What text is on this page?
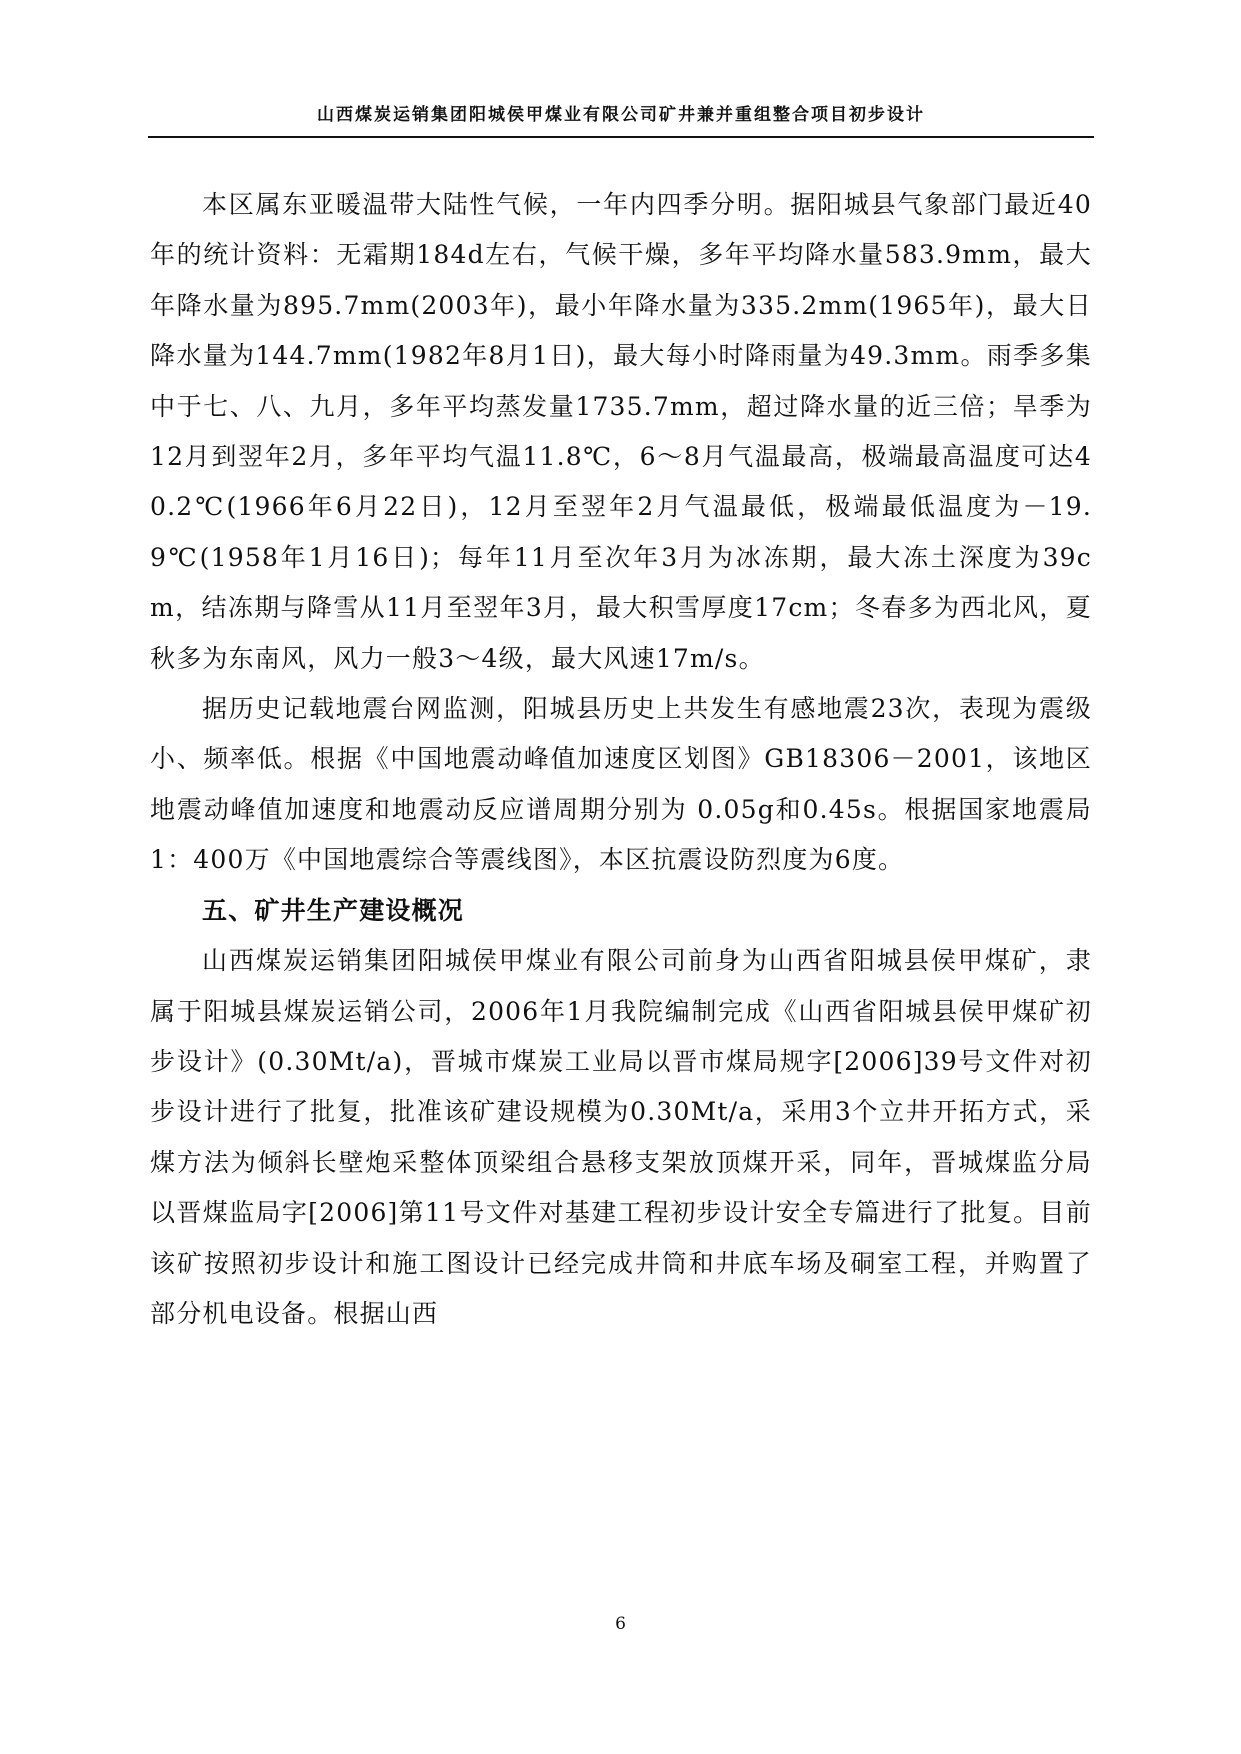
山西煤炭运销集团阳城侯甲煤业有限公司矿井兼并重组整合项目初步设计

本区属东亚暖温带大陆性气候，一年内四季分明。据阳城县气象部门最近40年的统计资料：无霜期184d左右，气候干燥，多年平均降水量583.9mm，最大年降水量为895.7mm(2003年)，最小年降水量为335.2mm(1965年)，最大日降水量为144.7mm(1982年8月1日)，最大每小时降雨量为49.3mm。雨季多集中于七、八、九月，多年平均蒸发量1735.7mm，超过降水量的近三倍；旱季为12月到翌年2月，多年平均气温11.8℃，6～8月气温最高，极端最高温度可达40.2℃(1966年6月22日)，12月至翌年2月气温最低，极端最低温度为－19.9℃(1958年1月16日)；每年11月至次年3月为冰冻期，最大冻土深度为39cm，结冻期与降雪从11月至翌年3月，最大积雪厚度17cm；冬春多为西北风，夏秋多为东南风，风力一般3～4级，最大风速17m/s。

据历史记载地震台网监测，阳城县历史上共发生有感地震23次，表现为震级小、频率低。根据《中国地震动峰值加速度区划图》GB18306－2001，该地区地震动峰值加速度和地震动反应谱周期分别为 0.05g和0.45s。根据国家地震局 1：400万《中国地震综合等震线图》，本区抗震设防烈度为6度。

五、矿井生产建设概况

山西煤炭运销集团阳城侯甲煤业有限公司前身为山西省阳城县侯甲煤矿，隶属于阳城县煤炭运销公司，2006年1月我院编制完成《山西省阳城县侯甲煤矿初步设计》(0.30Mt/a)，晋城市煤炭工业局以晋市煤局规字[2006]39号文件对初步设计进行了批复，批准该矿建设规模为0.30Mt/a，采用3个立井开拓方式，采煤方法为倾斜长壁炮采整体顶梁组合悬移支架放顶煤开采，同年，晋城煤监分局以晋煤监局字[2006]第11号文件对基建工程初步设计安全专篇进行了批复。目前该矿按照初步设计和施工图设计已经完成井筒和井底车场及硐室工程，并购置了部分机电设备。根据山西

6
